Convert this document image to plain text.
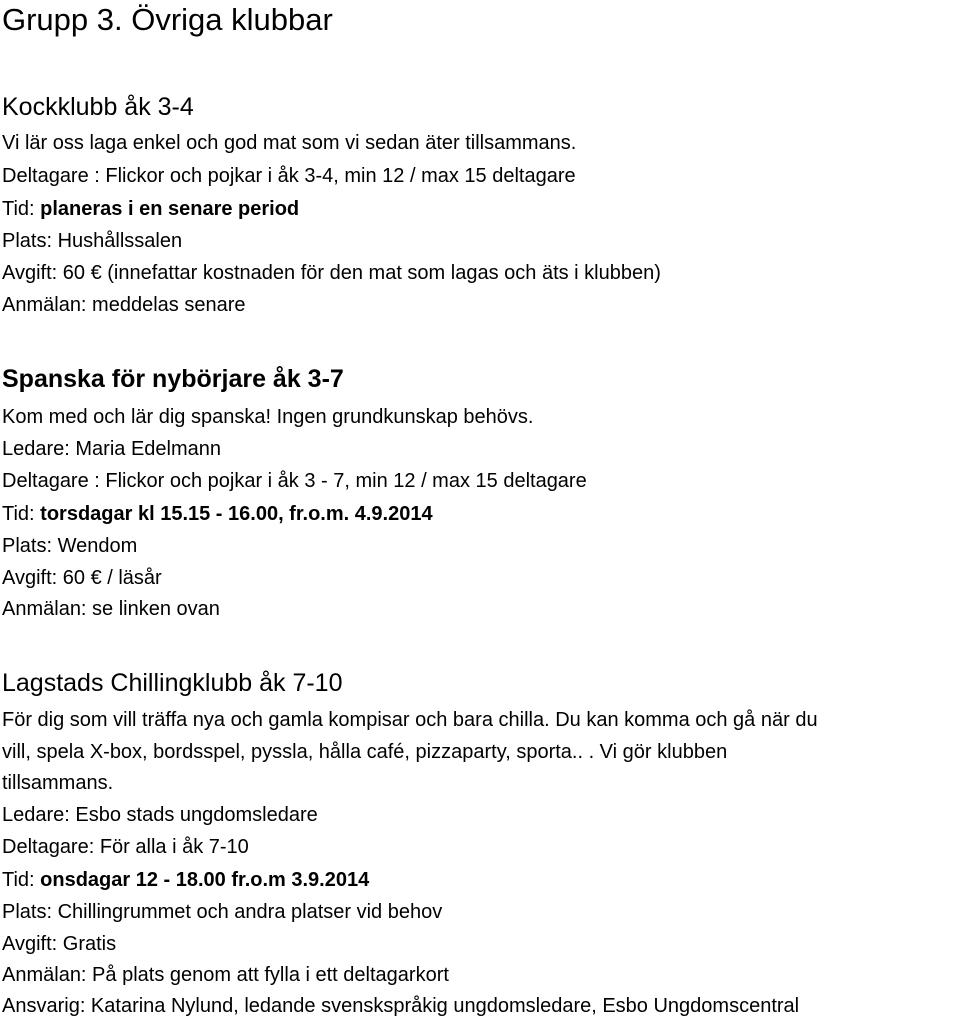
Grupp 3. Övriga klubbar
Kockklubb åk 3-4
Vi lär oss laga enkel och god mat som vi sedan äter tillsammans.
Deltagare : Flickor och pojkar i åk 3-4, min 12 / max 15 deltagare
Tid: planeras i en senare period
Plats: Hushållssalen
Avgift: 60 € (innefattar kostnaden för den mat som lagas och äts i klubben)
Anmälan: meddelas senare
Spanska för nybörjare åk 3-7
Kom med och lär dig spanska! Ingen grundkunskap behövs.
Ledare: Maria Edelmann
Deltagare : Flickor och pojkar i åk 3 - 7, min 12 / max 15 deltagare
Tid: torsdagar kl 15.15 - 16.00, fr.o.m. 4.9.2014
Plats: Wendom
Avgift: 60 € / läsår
Anmälan: se linken ovan
Lagstads Chillingklubb åk 7-10
För dig som vill träffa nya och gamla kompisar och bara chilla. Du kan komma och gå när du
vill, spela X-box, bordsspel, pyssla, hålla café, pizzaparty, sporta.. . Vi gör klubben
tillsammans.
Ledare: Esbo stads ungdomsledare
Deltagare: För alla i åk 7-10
Tid: onsdagar 12 - 18.00 fr.o.m 3.9.2014
Plats: Chillingrummet och andra platser vid behov
Avgift: Gratis
Anmälan: På plats genom att fylla i ett deltagarkort
Ansvarig: Katarina Nylund, ledande svenskspråkig ungdomsledare, Esbo Ungdomscentral
